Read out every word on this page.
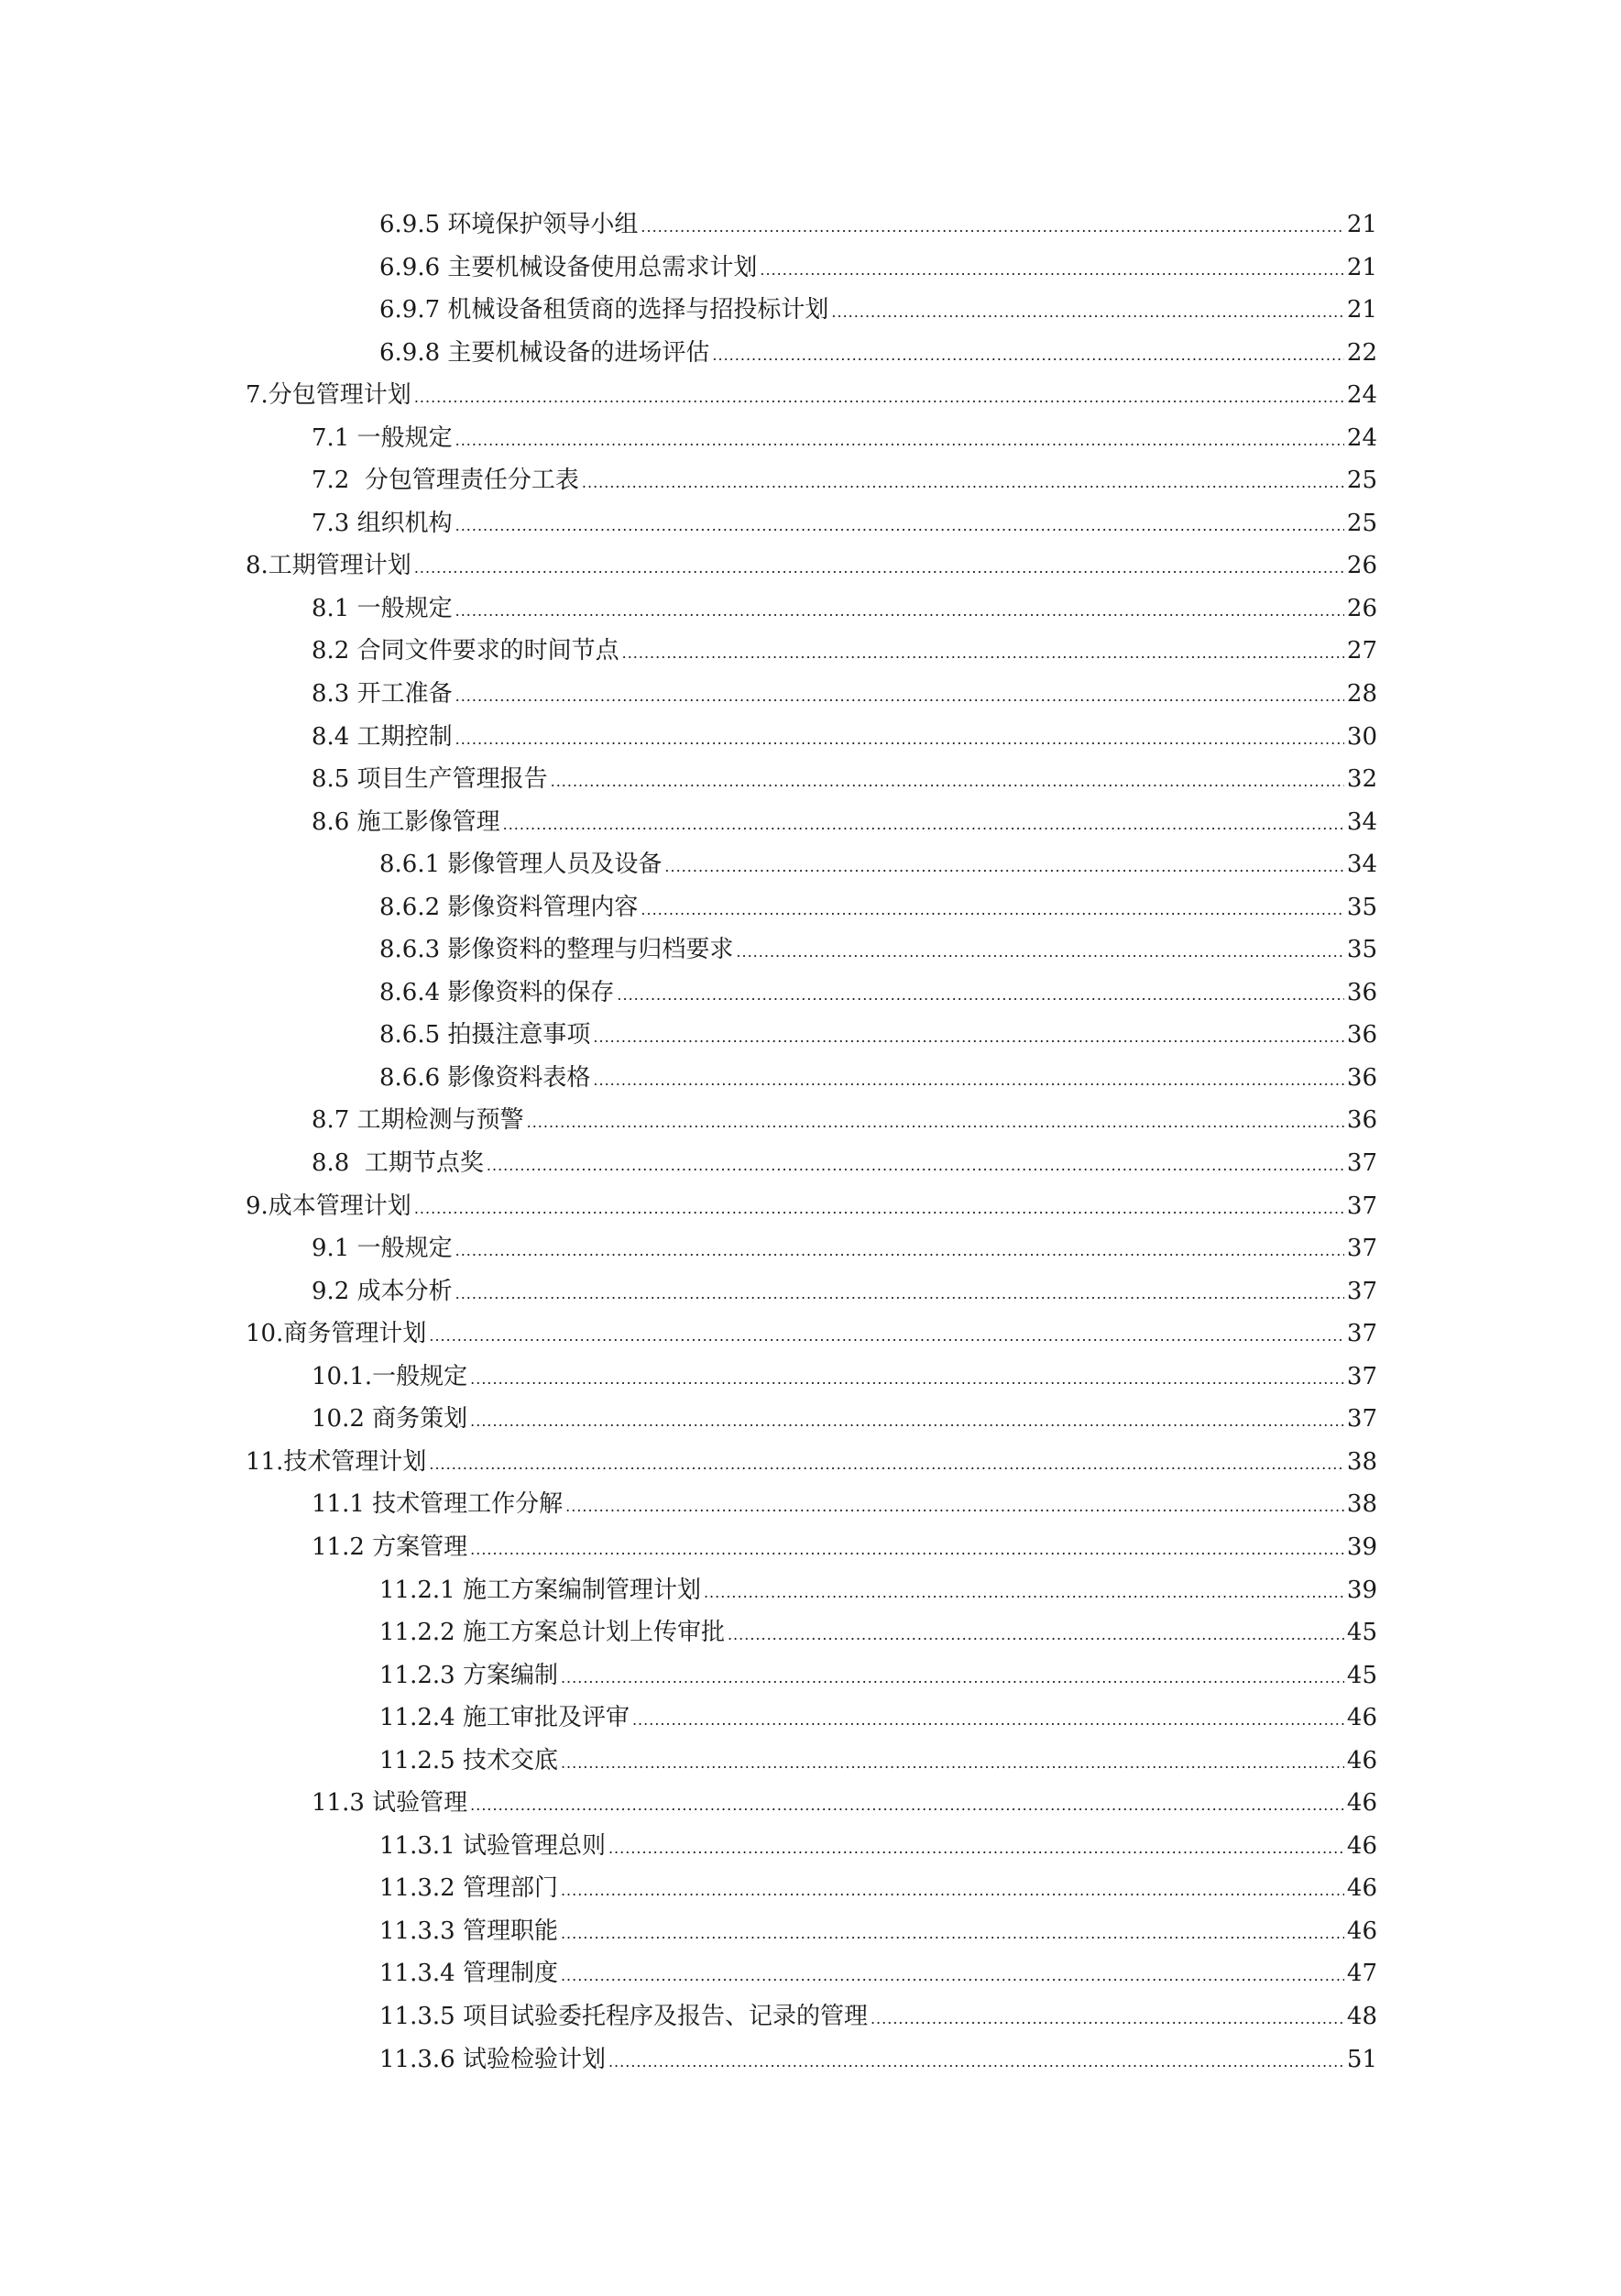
6.9.5 环境保护领导小组 .....	21
6.9.6 主要机械设备使用总需求计划 .....	21
6.9.7 机械设备租赁商的选择与招投标计划 .....	21
6.9.8 主要机械设备的进场评估 .....	22
7.分包管理计划 .....	24
7.1 一般规定 .....	24
7.2  分包管理责任分工表 .....	25
7.3 组织机构 .....	25
8.工期管理计划 .....	26
8.1 一般规定 .....	26
8.2 合同文件要求的时间节点 .....	27
8.3 开工准备 .....	28
8.4 工期控制 .....	30
8.5 项目生产管理报告 .....	32
8.6 施工影像管理 .....	34
8.6.1 影像管理人员及设备 .....	34
8.6.2 影像资料管理内容 .....	35
8.6.3 影像资料的整理与归档要求 .....	35
8.6.4 影像资料的保存 .....	36
8.6.5 拍摄注意事项 .....	36
8.6.6 影像资料表格 .....	36
8.7 工期检测与预警 .....	36
8.8  工期节点奖 .....	37
9.成本管理计划 .....	37
9.1 一般规定 .....	37
9.2 成本分析 .....	37
10.商务管理计划 .....	37
10.1.一般规定 .....	37
10.2 商务策划 .....	37
11.技术管理计划 .....	38
11.1 技术管理工作分解 .....	38
11.2 方案管理 .....	39
11.2.1 施工方案编制管理计划 .....	39
11.2.2 施工方案总计划上传审批 .....	45
11.2.3 方案编制 .....	45
11.2.4 施工审批及评审 .....	46
11.2.5 技术交底 .....	46
11.3 试验管理 .....	46
11.3.1 试验管理总则 .....	46
11.3.2 管理部门 .....	46
11.3.3 管理职能 .....	46
11.3.4 管理制度 .....	47
11.3.5 项目试验委托程序及报告、记录的管理 .....	48
11.3.6 试验检验计划 .....	51
